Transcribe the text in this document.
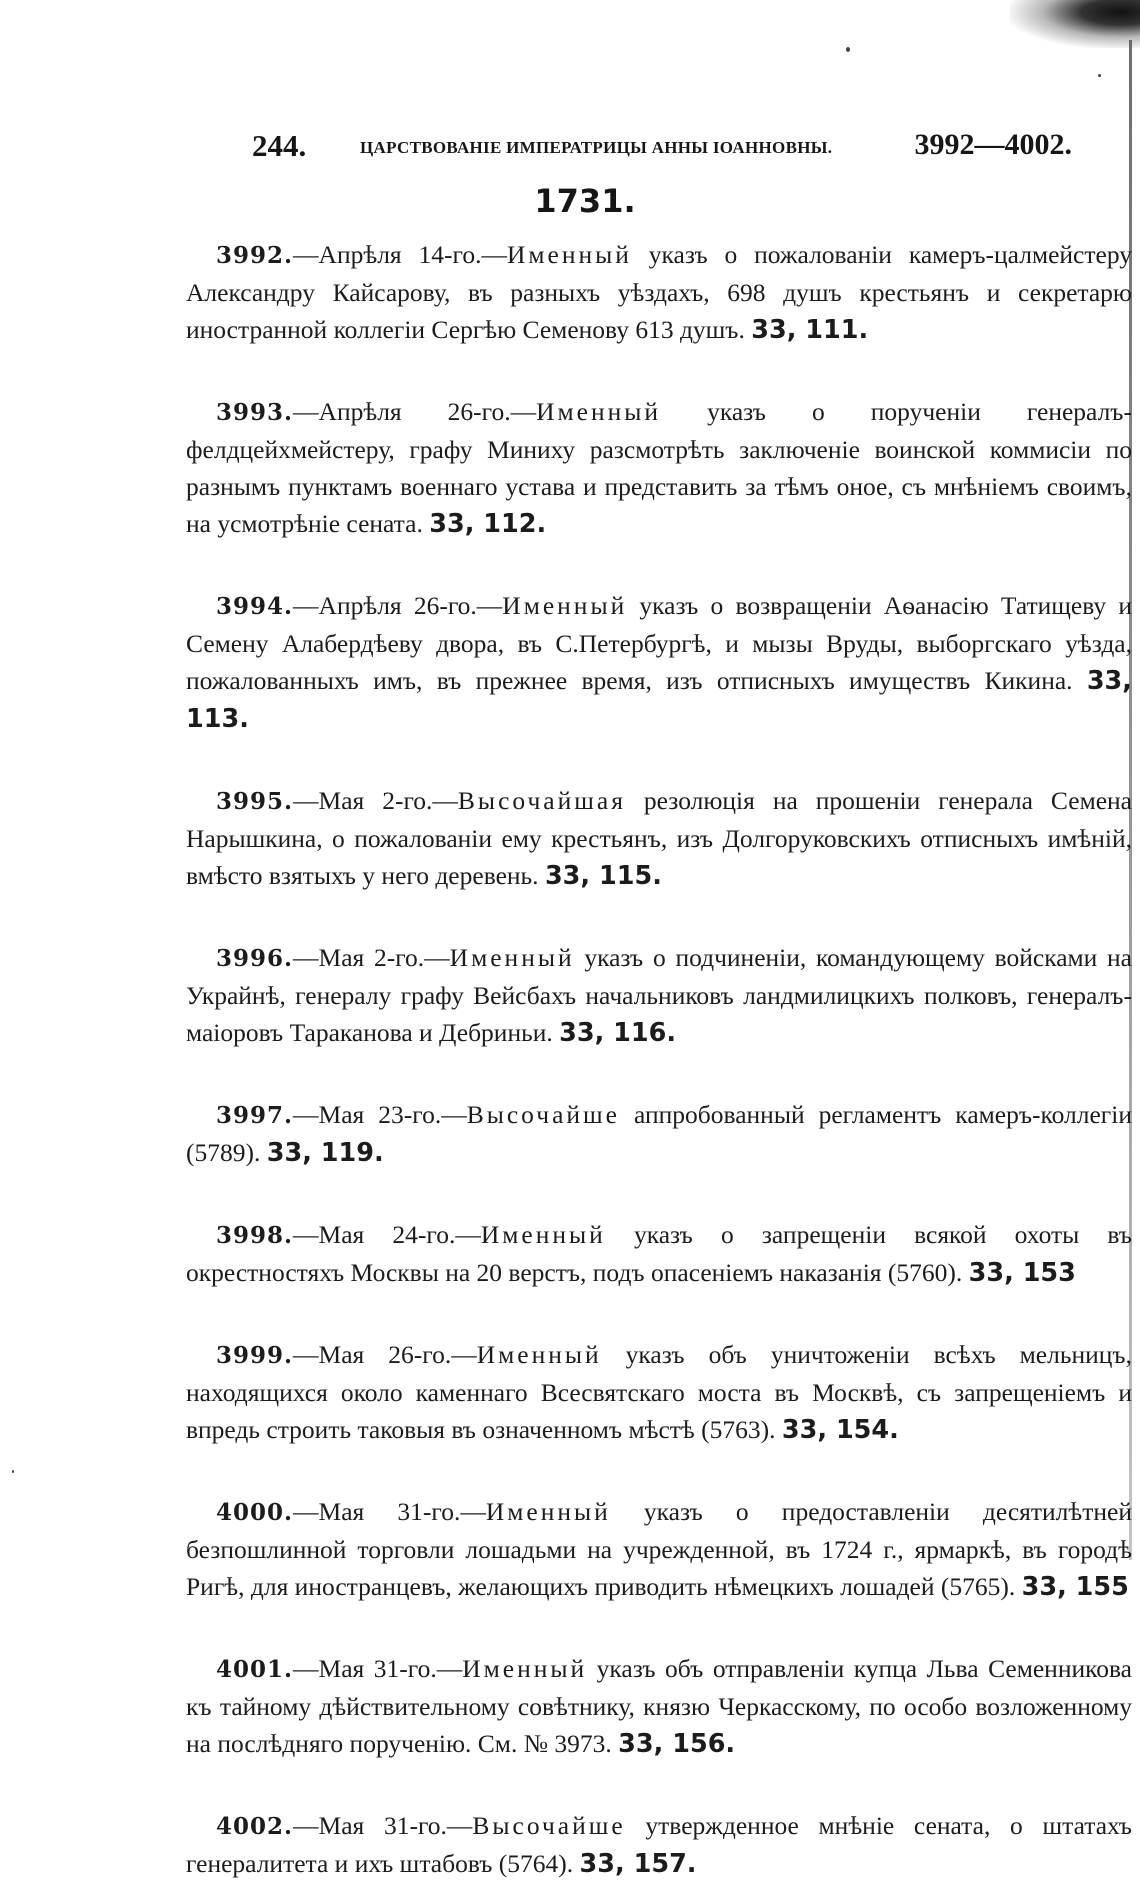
244.	ЦАРСТВОВАНІЕ ИМПЕРАТРИЦЫ АННЫ ІОАННОВНЫ.	3992—4002.
1731.

3992.—Апрѣля 14-го.—Именный указъ о пожалованіи камеръ-цалмейстеру Александру Кайсарову, въ разныхъ уѣздахъ, 698 душъ крестьянъ и секретарю иностранной коллегіи Сергѣю Семенову 613 душъ. 33, 111.

3993.—Апрѣля 26-го.—Именный указъ о порученіи генералъ-фелдцейхмейстеру, графу Миниху разсмотрѣть заключеніе воинской коммисіи по разнымъ пунктамъ военнаго устава и представить за тѣмъ оное, съ мнѣніемъ своимъ, на усмотрѣніе сената. 33, 112.

3994.—Апрѣля 26-го.—Именный указъ о возвращеніи Аѳанасію Татищеву и Семену Алабердѣеву двора, въ С.Петербургѣ, и мызы Вруды, выборгскаго уѣзда, пожалованныхъ имъ, въ прежнее время, изъ отписныхъ имуществъ Кикина. 33, 113.

3995.—Мая 2-го.—Высочайшая резолюція на прошеніи генерала Семена Нарышкина, о пожалованіи ему крестьянъ, изъ Долгоруковскихъ отписныхъ имѣній, вмѣсто взятыхъ у него деревень. 33, 115.

3996.—Мая 2-го.—Именный указъ о подчиненіи, командующему войсками на Украйнѣ, генералу графу Вейсбахъ начальниковъ ландмилицкихъ полковъ, генералъ-маіоровъ Тараканова и Дебриньи. 33, 116.

3997.—Мая 23-го.—Высочайше аппробованный регламентъ камеръ-коллегіи (5789). 33, 119.

3998.—Мая 24-го.—Именный указъ о запрещеніи всякой охоты въ окрестностяхъ Москвы на 20 верстъ, подъ опасеніемъ наказанія (5760). 33, 153

3999.—Мая 26-го.—Именный указъ объ уничтоженіи всѣхъ мельницъ, находящихся около каменнаго Всесвятскаго моста въ Москвѣ, съ запрещеніемъ и впредь строить таковыя въ означенномъ мѣстѣ (5763). 33, 154.

4000.—Мая 31-го.—Именный указъ о предоставленіи десятилѣтней безпошлинной торговли лошадьми на учрежденной, въ 1724 г., ярмаркѣ, въ городѣ Ригѣ, для иностранцевъ, желающихъ приводить нѣмецкихъ лошадей (5765). 33, 155

4001.—Мая 31-го.—Именный указъ объ отправленіи купца Льва Семенникова къ тайному дѣйствительному совѣтнику, князю Черкасскому, по особо возложенному на послѣдняго порученію. См. № 3973. 33, 156.

4002.—Мая 31-го.—Высочайше утвержденное мнѣніе сената, о штатахъ генералитета и ихъ штабовъ (5764). 33, 157.
